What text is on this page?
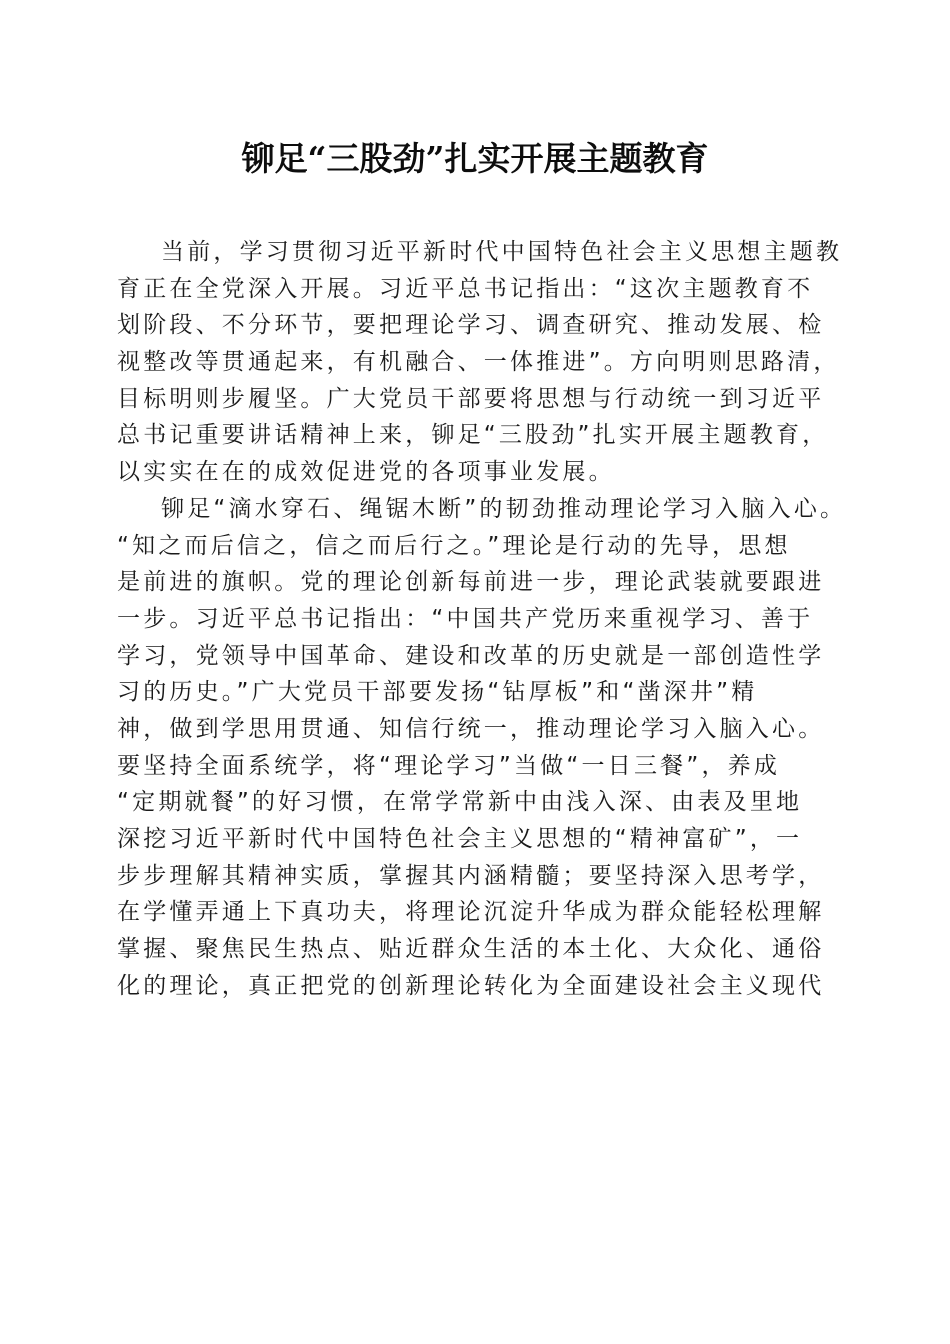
铆足“三股劲”扎实开展主题教育
当前，学习贯彻习近平新时代中国特色社会主义思想主题教
育正在全党深入开展。习近平总书记指出：“这次主题教育不
划阶段、不分环节，要把理论学习、调查研究、推动发展、检
视整改等贯通起来，有机融合、一体推进”。方向明则思路清，
目标明则步履坚。广大党员干部要将思想与行动统一到习近平
总书记重要讲话精神上来，铆足“三股劲”扎实开展主题教育，
以实实在在的成效促进党的各项事业发展。
铆足“滴水穿石、绳锯木断”的韧劲推动理论学习入脑入心。
“知之而后信之，信之而后行之。”理论是行动的先导，思想
是前进的旗帜。党的理论创新每前进一步，理论武装就要跟进
一步。习近平总书记指出：“中国共产党历来重视学习、善于
学习，党领导中国革命、建设和改革的历史就是一部创造性学
习的历史。”广大党员干部要发扬“钻厚板”和“凿深井”精
神，做到学思用贯通、知信行统一，推动理论学习入脑入心。
要坚持全面系统学，将“理论学习”当做“一日三餐”，养成
“定期就餐”的好习惯，在常学常新中由浅入深、由表及里地
深挖习近平新时代中国特色社会主义思想的“精神富矿”，一
步步理解其精神实质，掌握其内涵精髓；要坚持深入思考学，
在学懂弄通上下真功夫，将理论沉淀升华成为群众能轻松理解
掌握、聚焦民生热点、贴近群众生活的本土化、大众化、通俗
化的理论，真正把党的创新理论转化为全面建设社会主义现代
